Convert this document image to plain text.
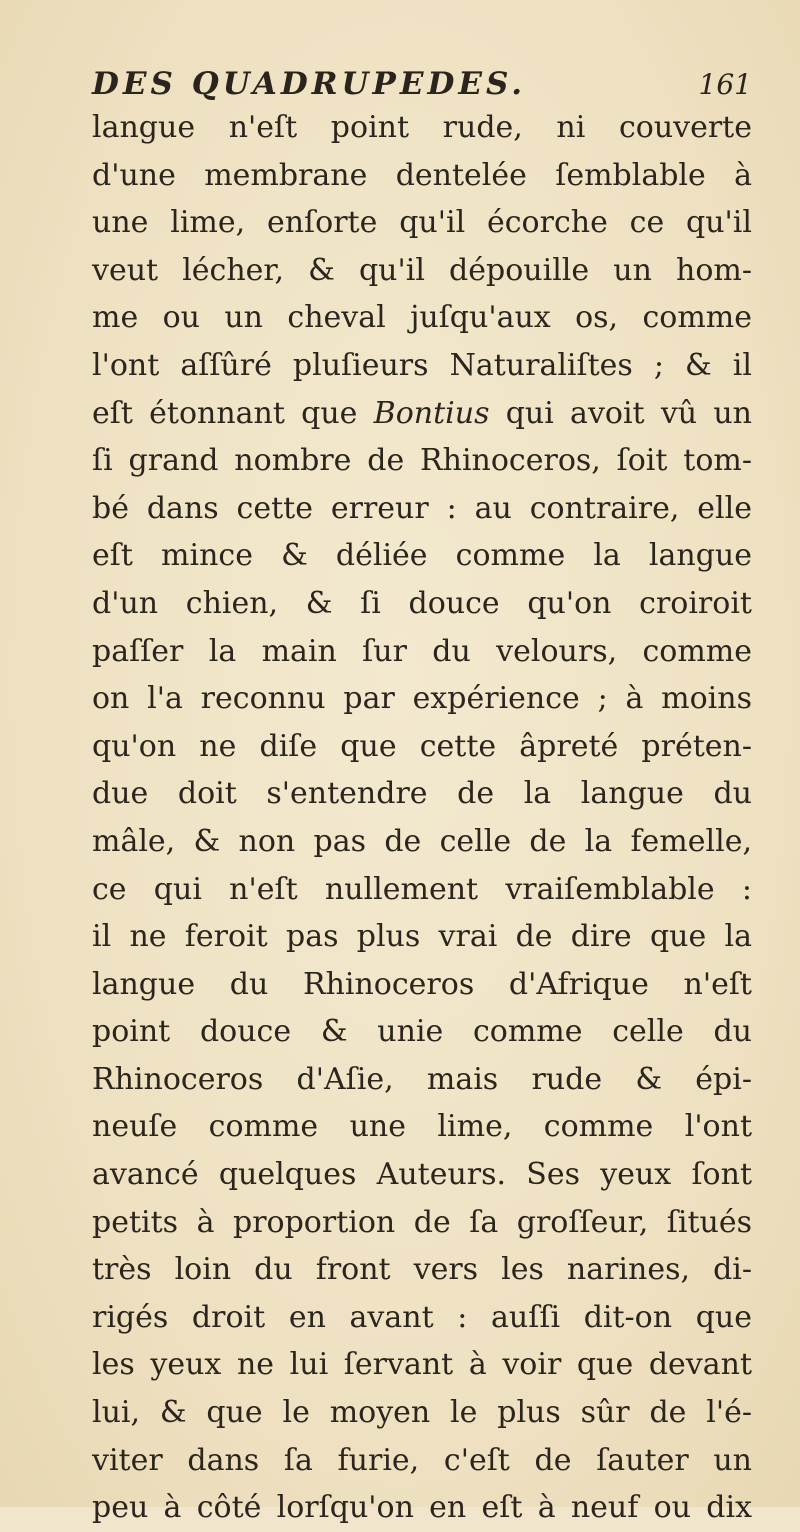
DES QUADRUPEDES.	161
langue n'eſt point rude, ni couverte
d'une membrane dentelée ſemblable à
une lime, enſorte qu'il écorche ce qu'il
veut lécher, & qu'il dépouille un hom-
me ou un cheval juſqu'aux os, comme
l'ont aſſûré pluſieurs Naturaliſtes ; & il
eſt étonnant que Bontius qui avoit vû un
ſi grand nombre de Rhinoceros, ſoit tom-
bé dans cette erreur : au contraire, elle
eſt mince & déliée comme la langue
d'un chien, & ſi douce qu'on croiroit
paſſer la main ſur du velours, comme
on l'a reconnu par expérience ; à moins
qu'on ne diſe que cette âpreté préten-
due doit s'entendre de la langue du
mâle, & non pas de celle de la femelle,
ce qui n'eſt nullement vraiſemblable :
il ne feroit pas plus vrai de dire que la
langue du Rhinoceros d'Afrique n'eſt
point douce & unie comme celle du
Rhinoceros d'Aſie, mais rude & épi-
neuſe comme une lime, comme l'ont
avancé quelques Auteurs. Ses yeux ſont
petits à proportion de ſa groſſeur, ſitués
très loin du front vers les narines, di-
rigés droit en avant : auſſi dit-on que
les yeux ne lui ſervant à voir que devant
lui, & que le moyen le plus sûr de l'é-
viter dans ſa furie, c'eſt de ſauter un
peu à côté lorſqu'on en eſt à neuf ou dix
